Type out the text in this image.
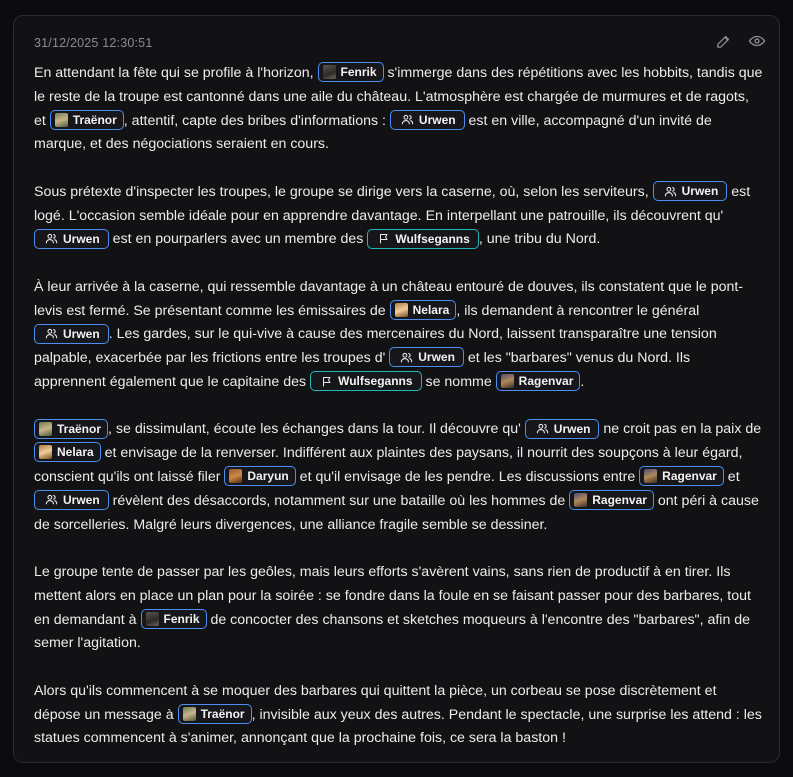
31/12/2025 12:30:51

En attendant la fête qui se profile à l'horizon, Fenrik s'immerge dans des répétitions avec les hobbits, tandis que le reste de la troupe est cantonné dans une aile du château. L'atmosphère est chargée de murmures et de ragots, et Traënor , attentif, capte des bribes d'informations : Urwen est en ville, accompagné d'un invité de marque, et des négociations seraient en cours.

Sous prétexte d'inspecter les troupes, le groupe se dirige vers la caserne, où, selon les serviteurs, Urwen est logé. L'occasion semble idéale pour en apprendre davantage. En interpellant une patrouille, ils découvrent qu'
Urwen est en pourparlers avec un membre des Wulfseganns , une tribu du Nord.

À leur arrivée à la caserne, qui ressemble davantage à un château entouré de douves, ils constatent que le pont-levis est fermé. Se présentant comme les émissaires de Nelara , ils demandent à rencontrer le général
Urwen . Les gardes, sur le qui-vive à cause des mercenaires du Nord, laissent transparaître une tension palpable, exacerbée par les frictions entre les troupes d' Urwen et les "barbares" venus du Nord. Ils apprennent également que le capitaine des Wulfseganns se nomme Ragenvar .

Traënor , se dissimulant, écoute les échanges dans la tour. Il découvre qu' Urwen ne croit pas en la paix de
Nelara et envisage de la renverser. Indifférent aux plaintes des paysans, il nourrit des soupçons à leur égard, conscient qu'ils ont laissé filer Daryun et qu'il envisage de les pendre. Les discussions entre Ragenvar et
Urwen révèlent des désaccords, notamment sur une bataille où les hommes de Ragenvar ont péri à cause de sorcelleries. Malgré leurs divergences, une alliance fragile semble se dessiner.

Le groupe tente de passer par les geôles, mais leurs efforts s'avèrent vains, sans rien de productif à en tirer. Ils mettent alors en place un plan pour la soirée : se fondre dans la foule en se faisant passer pour des barbares, tout en demandant à Fenrik de concocter des chansons et sketches moqueurs à l'encontre des "barbares", afin de semer l'agitation.

Alors qu'ils commencent à se moquer des barbares qui quittent la pièce, un corbeau se pose discrètement et dépose un message à Traënor , invisible aux yeux des autres. Pendant le spectacle, une surprise les attend : les statues commencent à s'animer, annonçant que la prochaine fois, ce sera la baston !
